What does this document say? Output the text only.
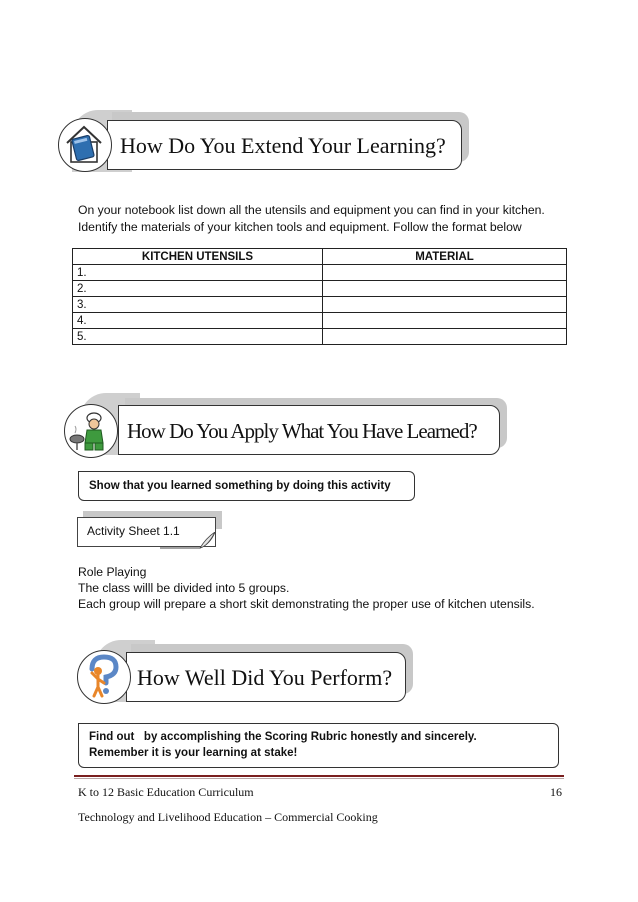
How Do You Extend Your Learning?
On your notebook list down all the utensils and equipment you can find in your kitchen.
Identify the materials of your kitchen tools and equipment. Follow the format below
KITCHEN UTENSILS	MATERIAL
1.	
2.	
3.	
4.	
5.	
How Do You Apply What You Have Learned?
Show that you learned something by doing this activity
Activity Sheet 1.1
Role Playing
The class willl be divided into 5 groups.
Each group will prepare a short skit demonstrating the proper use of kitchen utensils.
How Well Did You Perform?
Find out   by accomplishing the Scoring Rubric honestly and sincerely.
Remember it is your learning at stake!
K to 12 Basic Education Curriculum	16
Technology and Livelihood Education – Commercial Cooking
